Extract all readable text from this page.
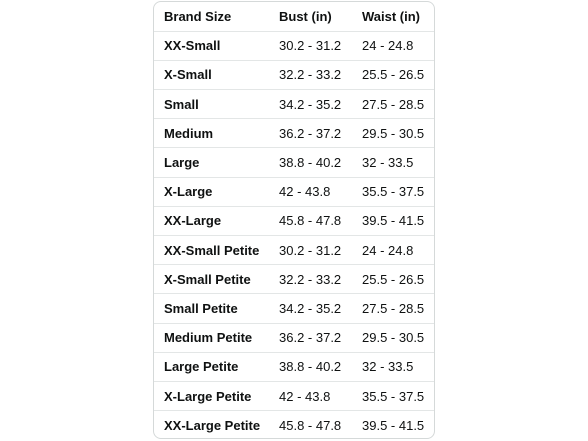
Brand Size	Bust (in)	Waist (in)
XX-Small	30.2 - 31.2	24 - 24.8
X-Small	32.2 - 33.2	25.5 - 26.5
Small	34.2 - 35.2	27.5 - 28.5
Medium	36.2 - 37.2	29.5 - 30.5
Large	38.8 - 40.2	32 - 33.5
X-Large	42 - 43.8	35.5 - 37.5
XX-Large	45.8 - 47.8	39.5 - 41.5
XX-Small Petite	30.2 - 31.2	24 - 24.8
X-Small Petite	32.2 - 33.2	25.5 - 26.5
Small Petite	34.2 - 35.2	27.5 - 28.5
Medium Petite	36.2 - 37.2	29.5 - 30.5
Large Petite	38.8 - 40.2	32 - 33.5
X-Large Petite	42 - 43.8	35.5 - 37.5
XX-Large Petite	45.8 - 47.8	39.5 - 41.5
